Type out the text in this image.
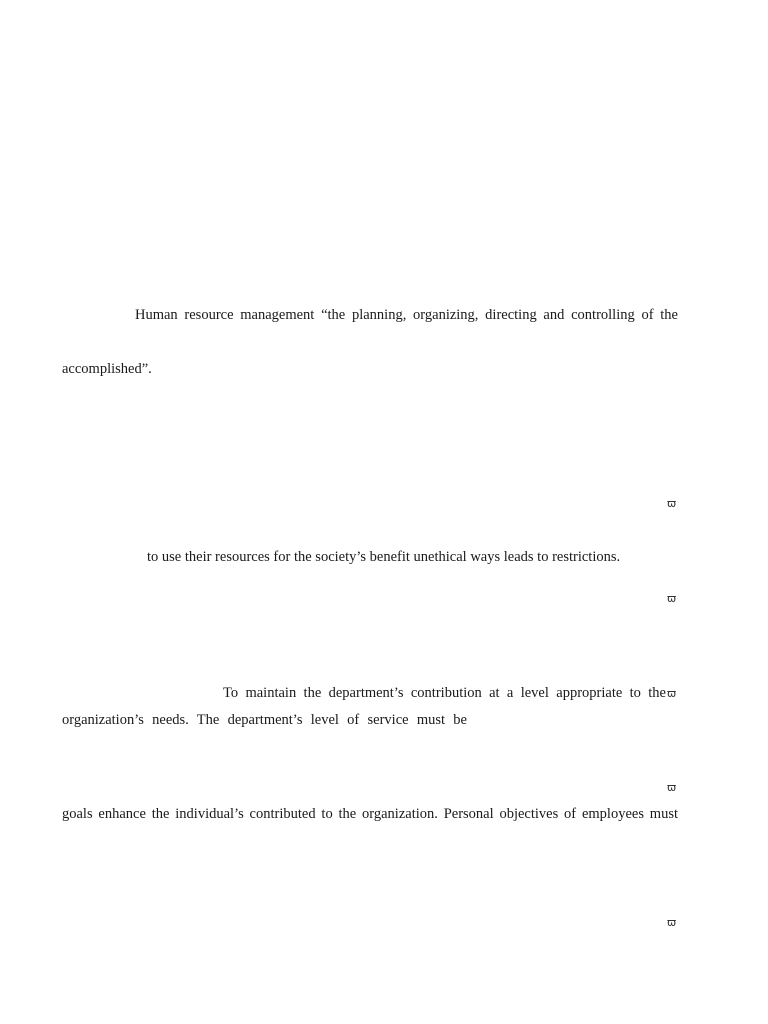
Human resource management “the planning, organizing, directing and controlling of the
accomplished”.
ϖ
to use their resources for the society’s benefit unethical ways leads to restrictions.
ϖ
To maintain the department’s contribution at a level appropriate to the ϖ
organization’s needs. The department’s level of service must be
ϖ
goals enhance the individual’s contributed to the organization. Personal objectives of employees must
ϖ
